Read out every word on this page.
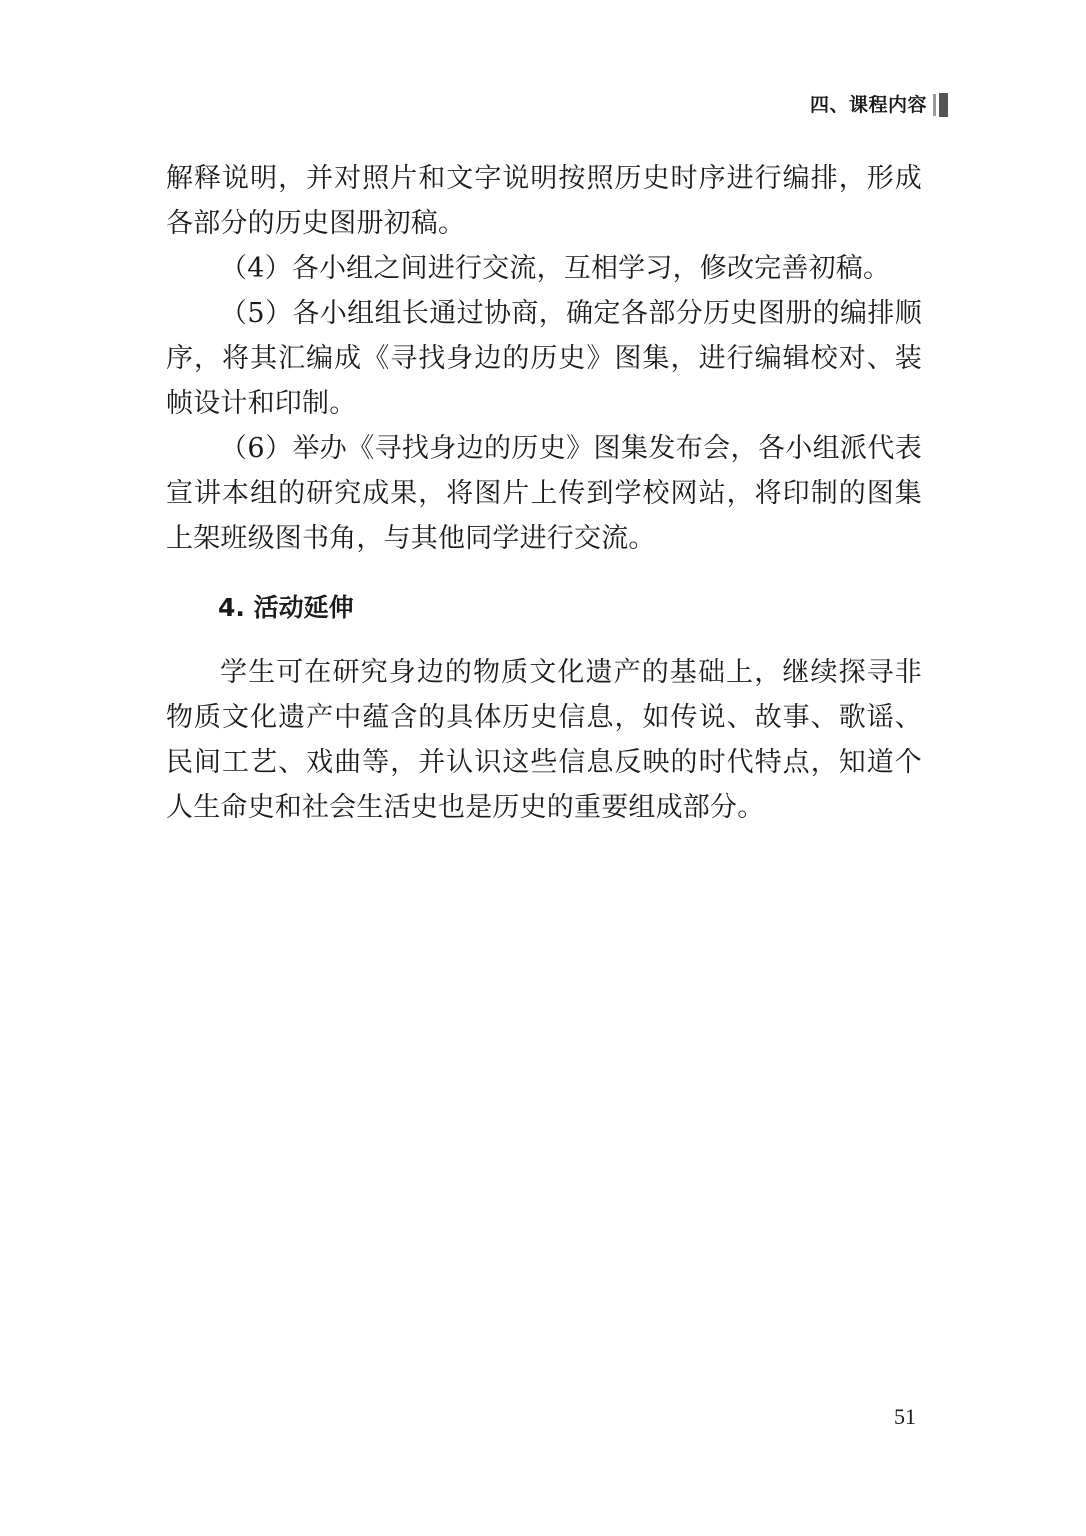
四、课程内容

解释说明，并对照片和文字说明按照历史时序进行编排，形成各部分的历史图册初稿。

（4）各小组之间进行交流，互相学习，修改完善初稿。

（5）各小组组长通过协商，确定各部分历史图册的编排顺序，将其汇编成《寻找身边的历史》图集，进行编辑校对、装帧设计和印制。

（6）举办《寻找身边的历史》图集发布会，各小组派代表宣讲本组的研究成果，将图片上传到学校网站，将印制的图集上架班级图书角，与其他同学进行交流。

4. 活动延伸

学生可在研究身边的物质文化遗产的基础上，继续探寻非物质文化遗产中蕴含的具体历史信息，如传说、故事、歌谣、民间工艺、戏曲等，并认识这些信息反映的时代特点，知道个人生命史和社会生活史也是历史的重要组成部分。

51
